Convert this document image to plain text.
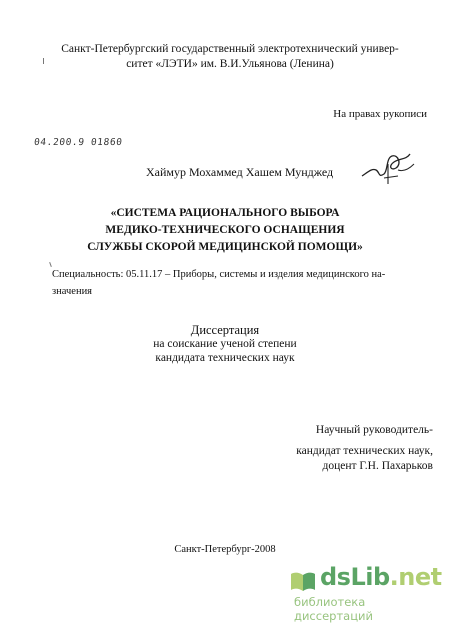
Санкт-Петербургский государственный электротехнический универ-
ситет «ЛЭТИ» им. В.И.Ульянова (Ленина)
На правах рукописи
04.200.9 01860
Хаймур Мохаммед Хашем Мунджед
«СИСТЕМА РАЦИОНАЛЬНОГО ВЫБОРА
МЕДИКО-ТЕХНИЧЕСКОГО ОСНАЩЕНИЯ
СЛУЖБЫ СКОРОЙ МЕДИЦИНСКОЙ ПОМОЩИ»
Специальность: 05.11.17 – Приборы, системы и изделия медицинского на-
значения
Диссертация
на соискание ученой степени
кандидата технических наук
Научный руководитель-
кандидат технических наук,
доцент Г.Н. Пахарьков
Санкт-Петербург-2008
dsLib.net
библиотека диссертаций
